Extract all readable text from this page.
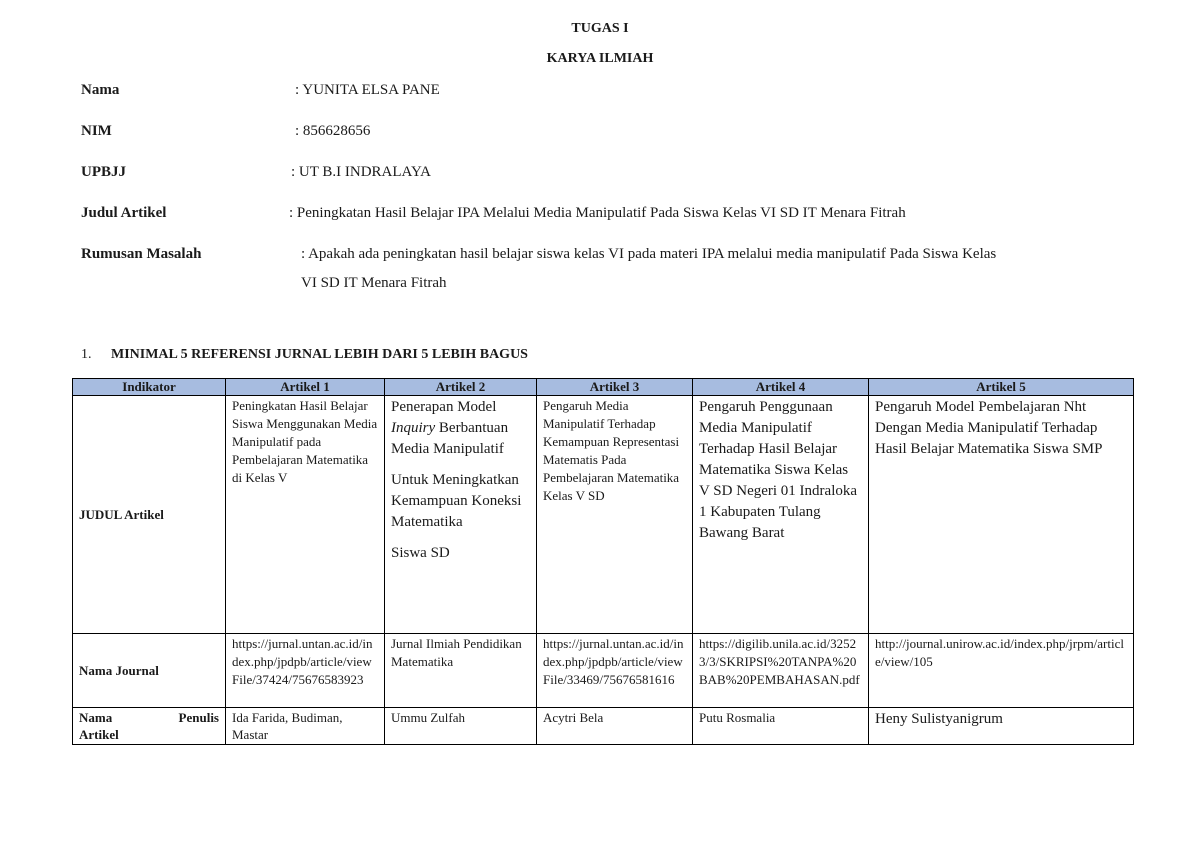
TUGAS I
KARYA ILMIAH
Nama	: YUNITA ELSA PANE
NIM	: 856628656
UPBJJ	: UT B.I INDRALAYA
Judul Artikel	: Peningkatan Hasil Belajar IPA Melalui Media Manipulatif Pada Siswa Kelas VI SD IT Menara Fitrah
Rumusan Masalah	: Apakah ada peningkatan hasil belajar siswa kelas VI pada materi IPA melalui media manipulatif Pada Siswa Kelas
VI SD IT Menara Fitrah
1. MINIMAL 5 REFERENSI JURNAL LEBIH DARI 5 LEBIH BAGUS
Indikator	Artikel 1	Artikel 2	Artikel 3	Artikel 4	Artikel 5
JUDUL Artikel	Peningkatan Hasil Belajar Siswa Menggunakan Media Manipulatif pada Pembelajaran Matematika di Kelas V	Penerapan Model Inquiry Berbantuan Media Manipulatif
Untuk Meningkatkan Kemampuan Koneksi Matematika
Siswa SD	Pengaruh Media Manipulatif Terhadap Kemampuan Representasi Matematis Pada Pembelajaran Matematika Kelas V SD	Pengaruh Penggunaan Media Manipulatif Terhadap Hasil Belajar Matematika Siswa Kelas V SD Negeri 01 Indraloka 1 Kabupaten Tulang Bawang Barat	Pengaruh Model Pembelajaran Nht Dengan Media Manipulatif Terhadap Hasil Belajar Matematika Siswa SMP
Nama Journal	https://jurnal.untan.ac.id/index.php/jpdpb/article/viewFile/37424/75676583923	Jurnal Ilmiah Pendidikan Matematika	https://jurnal.untan.ac.id/index.php/jpdpb/article/viewFile/33469/75676581616	https://digilib.unila.ac.id/32523/3/SKRIPSI%20TANPA%20BAB%20PEMBAHASAN.pdf	http://journal.unirow.ac.id/index.php/jrpm/article/view/105

Nama Penulis
Artikel	Ida Farida, Budiman, Mastar	Ummu Zulfah	Acytri Bela	Putu Rosmalia	Heny Sulistyanigrum
